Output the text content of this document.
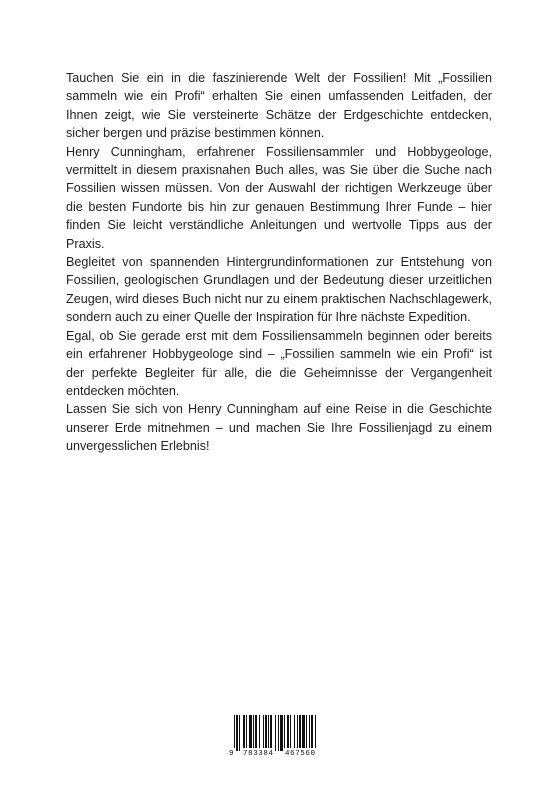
Tauchen Sie ein in die faszinierende Welt der Fossilien! Mit „Fossilien sammeln wie ein Profi“ erhalten Sie einen umfassenden Leitfaden, der Ihnen zeigt, wie Sie versteinerte Schätze der Erdgeschichte entdecken, sicher bergen und präzise bestimmen können.

Henry Cunningham, erfahrener Fossiliensammler und Hobbygeologe, vermittelt in diesem praxisnahen Buch alles, was Sie über die Suche nach Fossilien wissen müssen. Von der Auswahl der richtigen Werkzeuge über die besten Fundorte bis hin zur genauen Bestimmung Ihrer Funde – hier finden Sie leicht verständliche Anleitungen und wertvolle Tipps aus der Praxis.

Begleitet von spannenden Hintergrundinformationen zur Entstehung von Fossilien, geologischen Grundlagen und der Bedeutung dieser urzeitlichen Zeugen, wird dieses Buch nicht nur zu einem praktischen Nachschlagewerk, sondern auch zu einer Quelle der Inspiration für Ihre nächste Expedition.

Egal, ob Sie gerade erst mit dem Fossiliensammeln beginnen oder bereits ein erfahrener Hobbygeologe sind – „Fossilien sammeln wie ein Profi“ ist der perfekte Begleiter für alle, die die Geheimnisse der Vergangenheit entdecken möchten.

Lassen Sie sich von Henry Cunningham auf eine Reise in die Geschichte unserer Erde mitnehmen – und machen Sie Ihre Fossilienjagd zu einem unvergesslichen Erlebnis!

9 783384 467560
